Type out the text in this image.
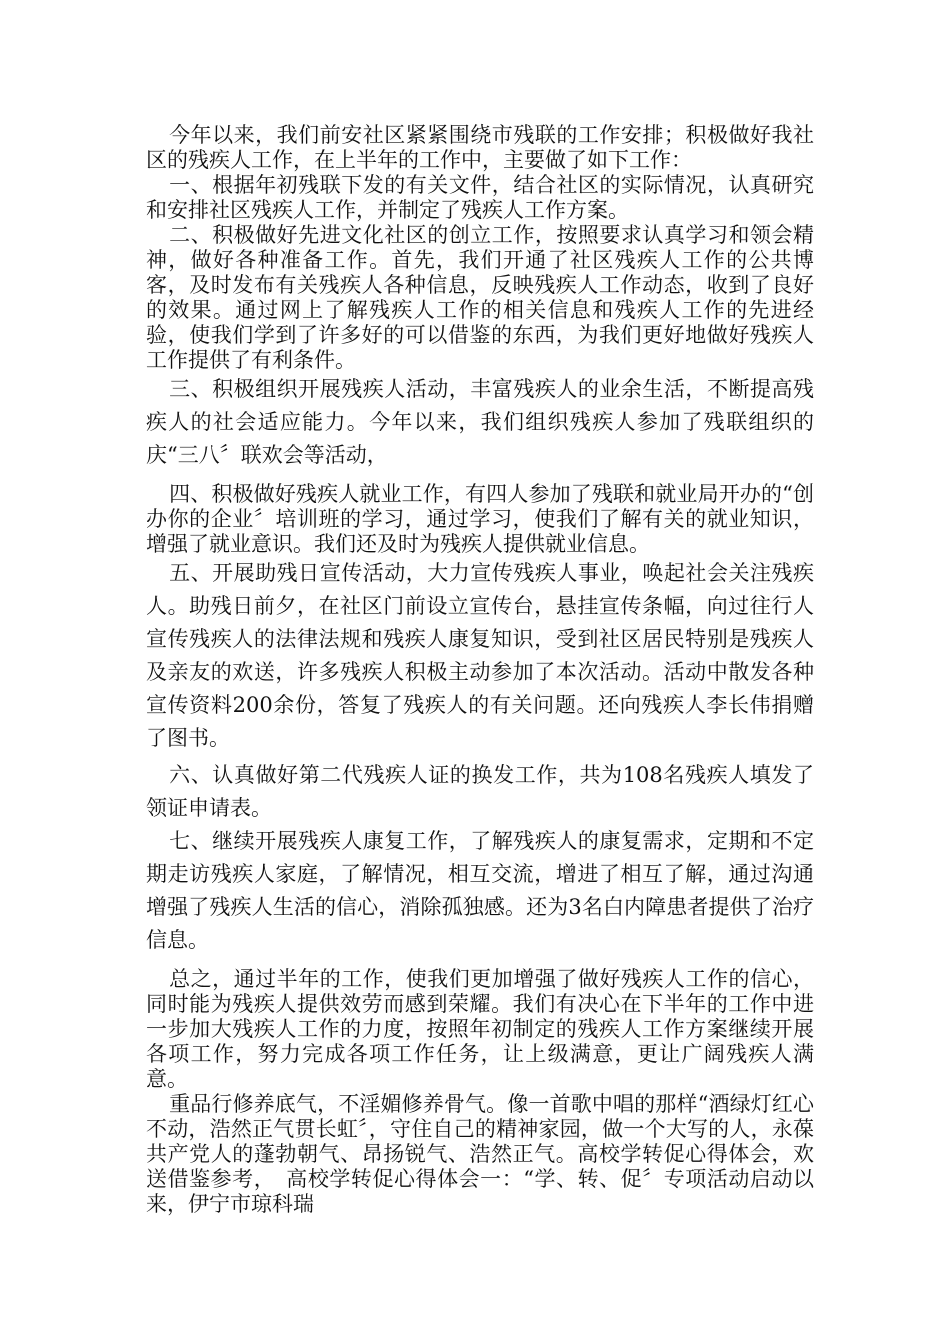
今年以来，我们前安社区紧紧围绕市残联的工作安排；积极做好我社区的残疾人工作，在上半年的工作中，主要做了如下工作：

一、根据年初残联下发的有关文件，结合社区的实际情况，认真研究和安排社区残疾人工作，并制定了残疾人工作方案。

二、积极做好先进文化社区的创立工作，按照要求认真学习和领会精神，做好各种准备工作。首先，我们开通了社区残疾人工作的公共博客，及时发布有关残疾人各种信息，反映残疾人工作动态，收到了良好的效果。通过网上了解残疾人工作的相关信息和残疾人工作的先进经验，使我们学到了许多好的可以借鉴的东西，为我们更好地做好残疾人工作提供了有利条件。

三、积极组织开展残疾人活动，丰富残疾人的业余生活，不断提高残疾人的社会适应能力。今年以来，我们组织残疾人参加了残联组织的庆“三八〞联欢会等活动，

四、积极做好残疾人就业工作，有四人参加了残联和就业局开办的“创办你的企业〞培训班的学习，通过学习，使我们了解有关的就业知识，增强了就业意识。我们还及时为残疾人提供就业信息。

五、开展助残日宣传活动，大力宣传残疾人事业，唤起社会关注残疾人。助残日前夕，在社区门前设立宣传台，悬挂宣传条幅，向过往行人宣传残疾人的法律法规和残疾人康复知识，受到社区居民特别是残疾人及亲友的欢送，许多残疾人积极主动参加了本次活动。活动中散发各种宣传资料200余份，答复了残疾人的有关问题。还向残疾人李长伟捐赠了图书。

六、认真做好第二代残疾人证的换发工作，共为108名残疾人填发了领证申请表。

七、继续开展残疾人康复工作，了解残疾人的康复需求，定期和不定期走访残疾人家庭，了解情况，相互交流，增进了相互了解，通过沟通增强了残疾人生活的信心，消除孤独感。还为3名白内障患者提供了治疗信息。

总之，通过半年的工作，使我们更加增强了做好残疾人工作的信心，同时能为残疾人提供效劳而感到荣耀。我们有决心在下半年的工作中进一步加大残疾人工作的力度，按照年初制定的残疾人工作方案继续开展各项工作，努力完成各项工作任务，让上级满意，更让广阔残疾人满意。

重品行修养底气，不淫媚修养骨气。像一首歌中唱的那样“酒绿灯红心不动，浩然正气贯长虹〞，守住自己的精神家园，做一个大写的人，永葆共产党人的蓬勃朝气、昂扬锐气、浩然正气。高校学转促心得体会，欢送借鉴参考，　高校学转促心得体会一：“学、转、促〞专项活动启动以来，伊宁市琼科瑞
